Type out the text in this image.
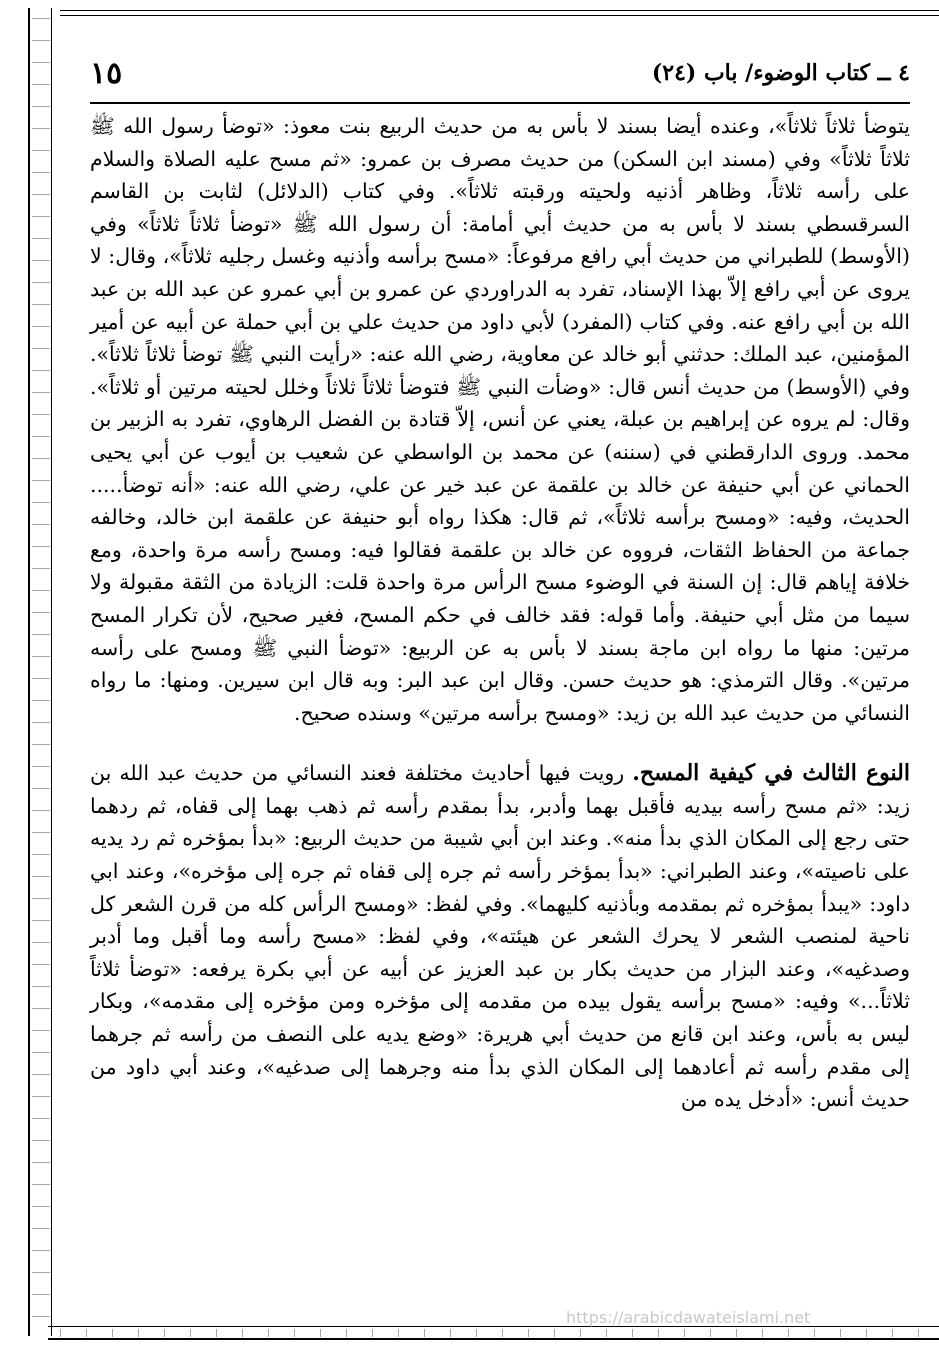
٤ ــ كتاب الوضوء/ باب (٢٤)
١٥

يتوضأ ثلاثاً ثلاثاً»، وعنده أيضا بسند لا بأس به من حديث الربيع بنت معوذ: «توضأ رسول الله ﷺ ثلاثاً ثلاثاً» وفي (مسند ابن السكن) من حديث مصرف بن عمرو: «ثم مسح عليه الصلاة والسلام على رأسه ثلاثاً، وظاهر أذنيه ولحيته ورقبته ثلاثاً». وفي كتاب (الدلائل) لثابت بن القاسم السرقسطي بسند لا بأس به من حديث أبي أمامة: أن رسول الله ﷺ «توضأ ثلاثاً ثلاثاً» وفي (الأوسط) للطبراني من حديث أبي رافع مرفوعاً: «مسح برأسه وأذنيه وغسل رجليه ثلاثاً»، وقال: لا يروى عن أبي رافع إلاّ بهذا الإسناد، تفرد به الدراوردي عن عمرو بن أبي عمرو عن عبد الله بن عبد الله بن أبي رافع عنه. وفي كتاب (المفرد) لأبي داود من حديث علي بن أبي حملة عن أبيه عن أمير المؤمنين، عبد الملك: حدثني أبو خالد عن معاوية، رضي الله عنه: «رأيت النبي ﷺ توضأ ثلاثاً ثلاثاً». وفي (الأوسط) من حديث أنس قال: «وضأت النبي ﷺ فتوضأ ثلاثاً ثلاثاً وخلل لحيته مرتين أو ثلاثاً». وقال: لم يروه عن إبراهيم بن عبلة، يعني عن أنس، إلاّ قتادة بن الفضل الرهاوي، تفرد به الزبير بن محمد. وروى الدارقطني في (سننه) عن محمد بن الواسطي عن شعيب بن أيوب عن أبي يحيى الحماني عن أبي حنيفة عن خالد بن علقمة عن عبد خير عن علي، رضي الله عنه: «أنه توضأ..... الحديث، وفيه: «ومسح برأسه ثلاثاً»، ثم قال: هكذا رواه أبو حنيفة عن علقمة ابن خالد، وخالفه جماعة من الحفاظ الثقات، فرووه عن خالد بن علقمة فقالوا فيه: ومسح رأسه مرة واحدة، ومع خلافة إياهم قال: إن السنة في الوضوء مسح الرأس مرة واحدة قلت: الزيادة من الثقة مقبولة ولا سيما من مثل أبي حنيفة. وأما قوله: فقد خالف في حكم المسح، فغير صحيح، لأن تكرار المسح مرتين: منها ما رواه ابن ماجة بسند لا بأس به عن الربيع: «توضأ النبي ﷺ ومسح على رأسه مرتين». وقال الترمذي: هو حديث حسن. وقال ابن عبد البر: وبه قال ابن سيرين. ومنها: ما رواه النسائي من حديث عبد الله بن زيد: «ومسح برأسه مرتين» وسنده صحيح.

النوع الثالث في كيفية المسح. رويت فيها أحاديث مختلفة فعند النسائي من حديث عبد الله بن زيد: «ثم مسح رأسه بيديه فأقبل بهما وأدبر، بدأ بمقدم رأسه ثم ذهب بهما إلى قفاه، ثم ردهما حتى رجع إلى المكان الذي بدأ منه». وعند ابن أبي شيبة من حديث الربيع: «بدأ بمؤخره ثم رد يديه على ناصيته»، وعند الطبراني: «بدأ بمؤخر رأسه ثم جره إلى قفاه ثم جره إلى مؤخره»، وعند ابي داود: «يبدأ بمؤخره ثم بمقدمه وبأذنيه كليهما». وفي لفظ: «ومسح الرأس كله من قرن الشعر كل ناحية لمنصب الشعر لا يحرك الشعر عن هيئته»، وفي لفظ: «مسح رأسه وما أقبل وما أدبر وصدغيه»، وعند البزار من حديث بكار بن عبد العزيز عن أبيه عن أبي بكرة يرفعه: «توضأ ثلاثاً ثلاثاً...» وفيه: «مسح برأسه يقول بيده من مقدمه إلى مؤخره ومن مؤخره إلى مقدمه»، وبكار ليس به بأس، وعند ابن قانع من حديث أبي هريرة: «وضع يديه على النصف من رأسه ثم جرهما إلى مقدم رأسه ثم أعادهما إلى المكان الذي بدأ منه وجرهما إلى صدغيه»، وعند أبي داود من حديث أنس: «أدخل يده من

https://arabicdawateislami.net
